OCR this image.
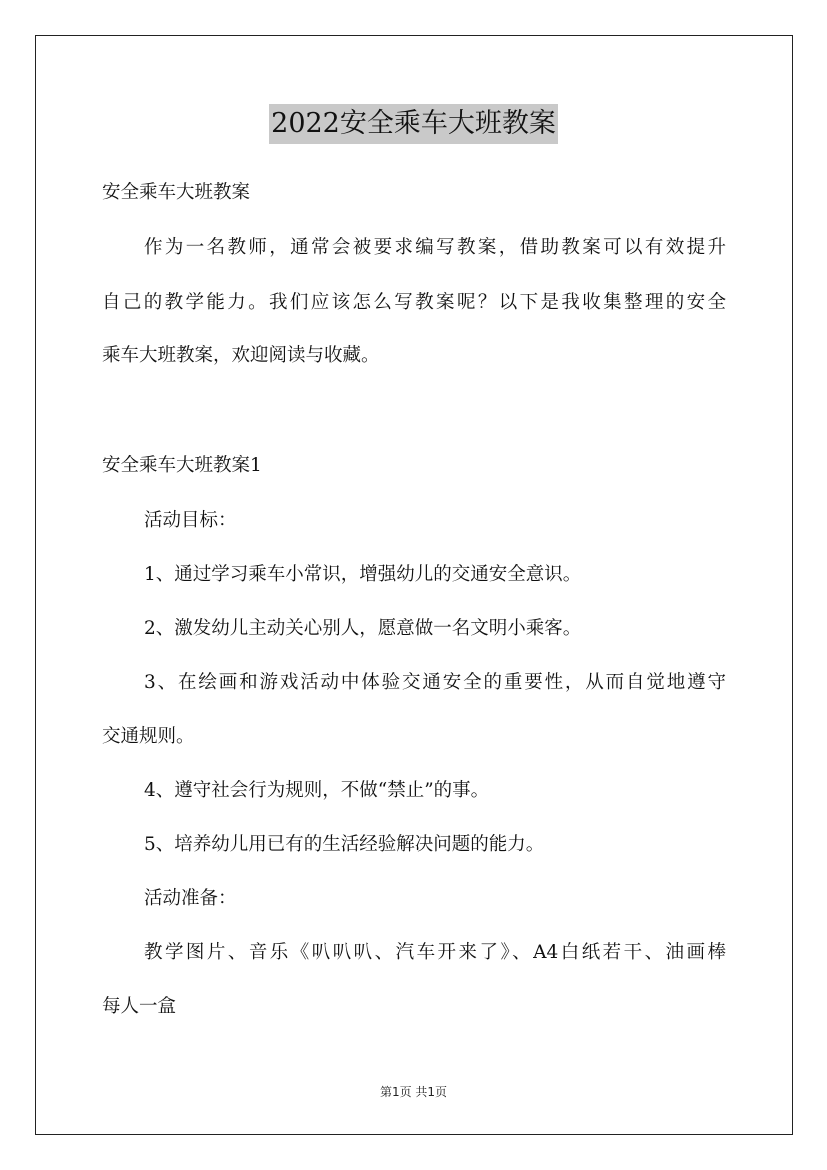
2022安全乘车大班教案
安全乘车大班教案
作为一名教师，通常会被要求编写教案，借助教案可以有效提升
自己的教学能力。我们应该怎么写教案呢？以下是我收集整理的安全
乘车大班教案，欢迎阅读与收藏。
安全乘车大班教案1
活动目标：
1、通过学习乘车小常识，增强幼儿的交通安全意识。
2、激发幼儿主动关心别人，愿意做一名文明小乘客。
3、在绘画和游戏活动中体验交通安全的重要性，从而自觉地遵守
交通规则。
4、遵守社会行为规则，不做“禁止”的事。
5、培养幼儿用已有的生活经验解决问题的能力。
活动准备：
教学图片、音乐《叭叭叭、汽车开来了》、A4白纸若干、油画棒
每人一盒
第1页 共1页
